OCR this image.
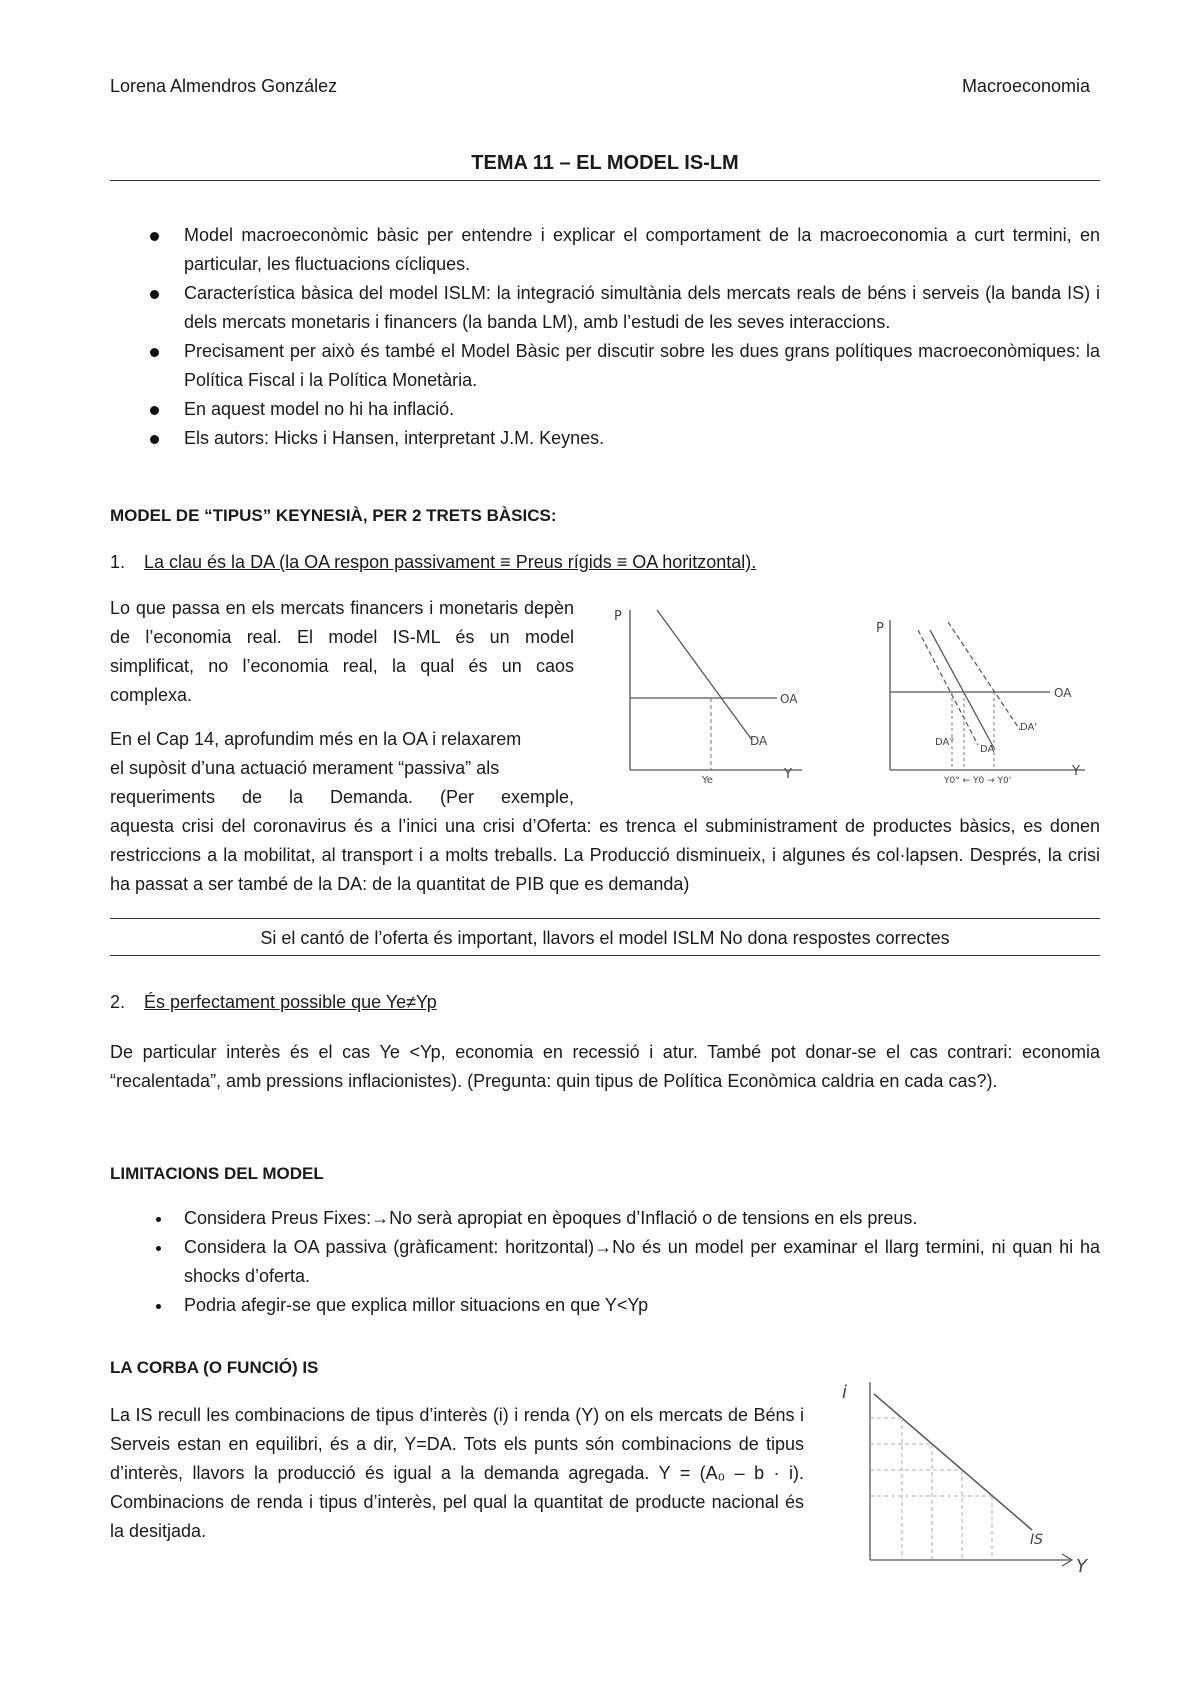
Lorena Almendros González	Macroeconomia
TEMA 11 – EL MODEL IS-LM
Model macroeconòmic bàsic per entendre i explicar el comportament de la macroeconomia a curt termini, en particular, les fluctuacions cícliques.
Característica bàsica del model ISLM: la integració simultània dels mercats reals de béns i serveis (la banda IS) i dels mercats monetaris i financers (la banda LM), amb l’estudi de les seves interaccions.
Precisament per això és també el Model Bàsic per discutir sobre les dues grans polítiques macroeconòmiques: la Política Fiscal i la Política Monetària.
En aquest model no hi ha inflació.
Els autors: Hicks i Hansen, interpretant J.M. Keynes.
MODEL DE “TIPUS” KEYNESIÀ, PER 2 TRETS BÀSICS:
1. La clau és la DA (la OA respon passivament ≡ Preus rígids ≡ OA horitzontal).
Lo que passa en els mercats financers i monetaris depèn de l’economia real. El model IS-ML és un model simplificat, no l’economia real, la qual és un caos complexa.
En el Cap 14, aprofundim més en la OA i relaxarem
el supòsit d’una actuació merament “passiva” als
requeriments de la Demanda. (Per exemple,
aquesta crisi del coronavirus és a l’inici una crisi d’Oferta: es trenca el subministrament de productes bàsics, es donen restriccions a la mobilitat, al transport i a molts treballs. La Producció disminueix, i algunes és col·lapsen. Després, la crisi ha passat a ser també de la DA: de la quantitat de PIB que es demanda)
P
Y
OA
DA
Ye
P
Y
OA
DA
DA'
DA°
Y0° ← Y0 → Y0'
Si el cantó de l’oferta és important, llavors el model ISLM No dona respostes correctes
2. És perfectament possible que Ye≠Yp
De particular interès és el cas Ye <Yp, economia en recessió i atur. També pot donar-se el cas contrari: economia “recalentada”, amb pressions inflacionistes). (Pregunta: quin tipus de Política Econòmica caldria en cada cas?).
LIMITACIONS DEL MODEL
Considera Preus Fixes:→No serà apropiat en èpoques d’Inflació o de tensions en els preus.
Considera la OA passiva (gràficament: horitzontal)→No és un model per examinar el llarg termini, ni quan hi ha shocks d’oferta.
Podria afegir-se que explica millor situacions en que Y<Yp
LA CORBA (O FUNCIÓ) IS
La IS recull les combinacions de tipus d’interès (i) i renda (Y) on els mercats de Béns i Serveis estan en equilibri, és a dir, Y=DA. Tots els punts són combinacions de tipus d’interès, llavors la producció és igual a la demanda agregada. Y = (A₀ – b · i). Combinacions de renda i tipus d’interès, pel qual la quantitat de producte nacional és la desitjada.
i
Y
IS
